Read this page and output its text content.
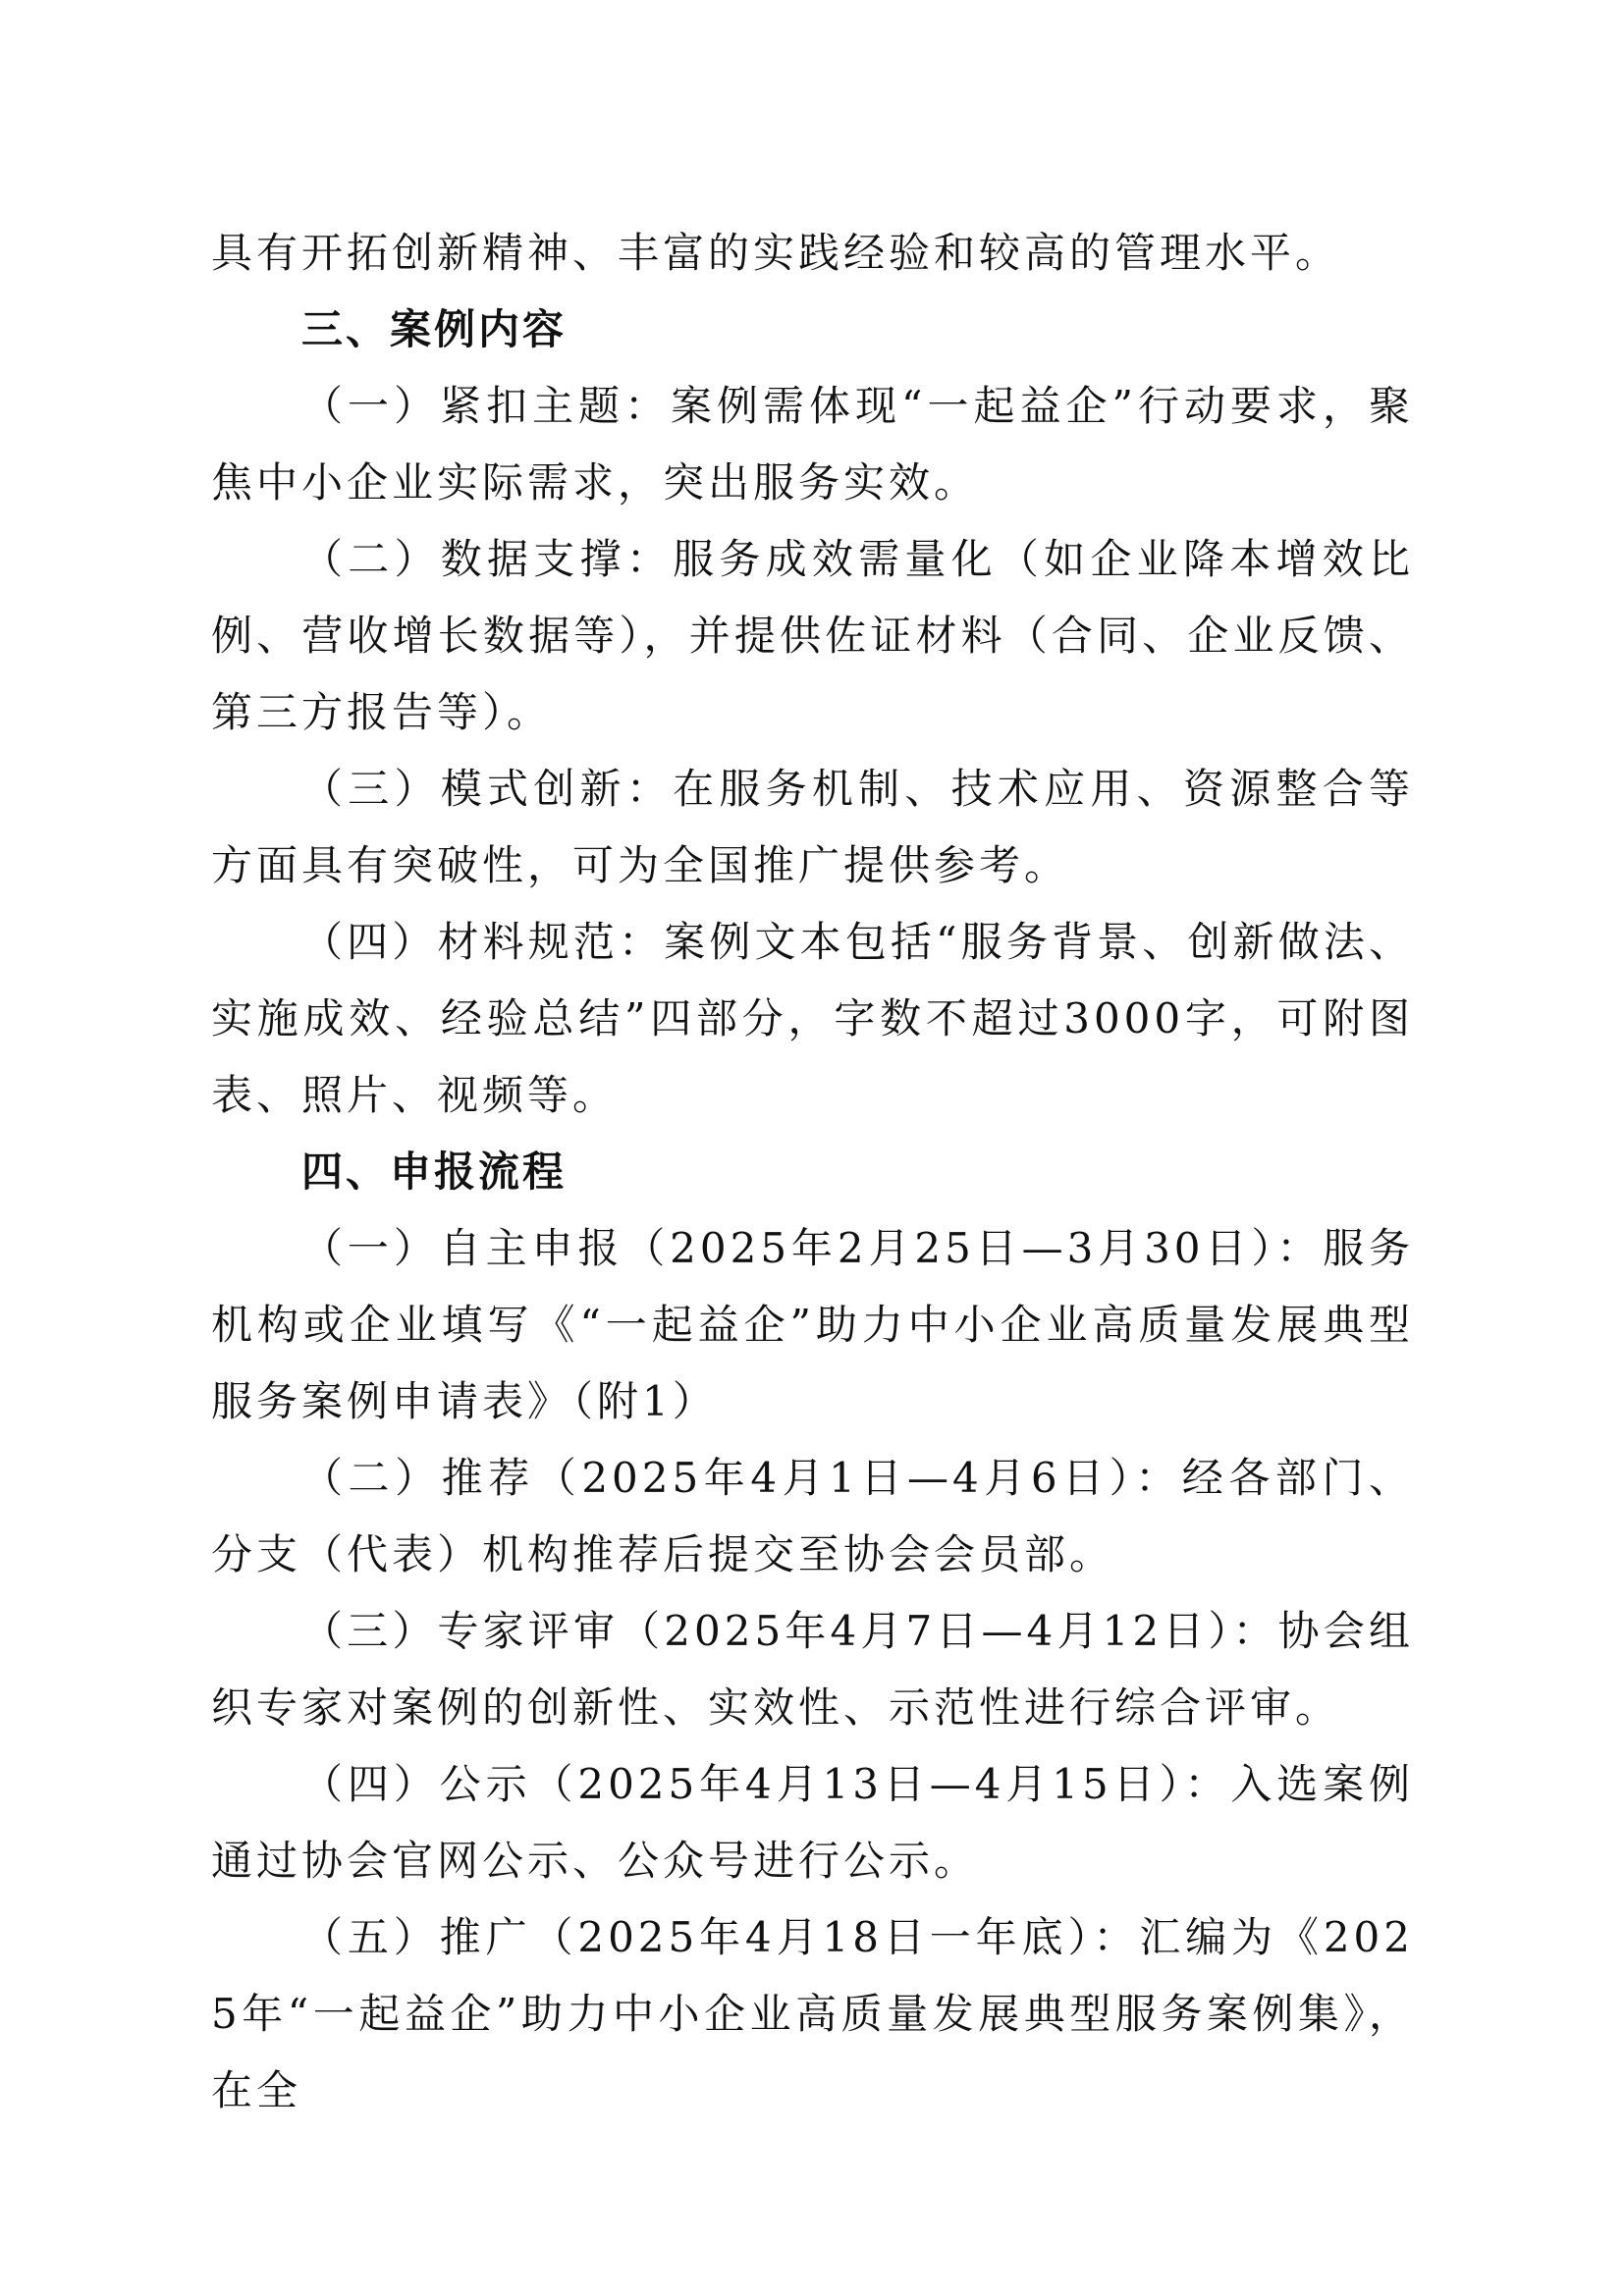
具有开拓创新精神、丰富的实践经验和较高的管理水平。

三、案例内容

（一）紧扣主题：案例需体现“一起益企”行动要求，聚焦中小企业实际需求，突出服务实效。

（二）数据支撑：服务成效需量化（如企业降本增效比例、营收增长数据等），并提供佐证材料（合同、企业反馈、第三方报告等）。

（三）模式创新：在服务机制、技术应用、资源整合等方面具有突破性，可为全国推广提供参考。

（四）材料规范：案例文本包括“服务背景、创新做法、实施成效、经验总结”四部分，字数不超过3000字，可附图表、照片、视频等。

四、申报流程

（一）自主申报（2025年2月25日—3月30日）：服务机构或企业填写《“一起益企”助力中小企业高质量发展典型服务案例申请表》（附1）

（二）推荐（2025年4月1日—4月6日）：经各部门、分支（代表）机构推荐后提交至协会会员部。

（三）专家评审（2025年4月7日—4月12日）：协会组织专家对案例的创新性、实效性、示范性进行综合评审。

（四）公示（2025年4月13日—4月15日）：入选案例通过协会官网公示、公众号进行公示。

（五）推广（2025年4月18日一年底）：汇编为《2025年“一起益企”助力中小企业高质量发展典型服务案例集》，在全
